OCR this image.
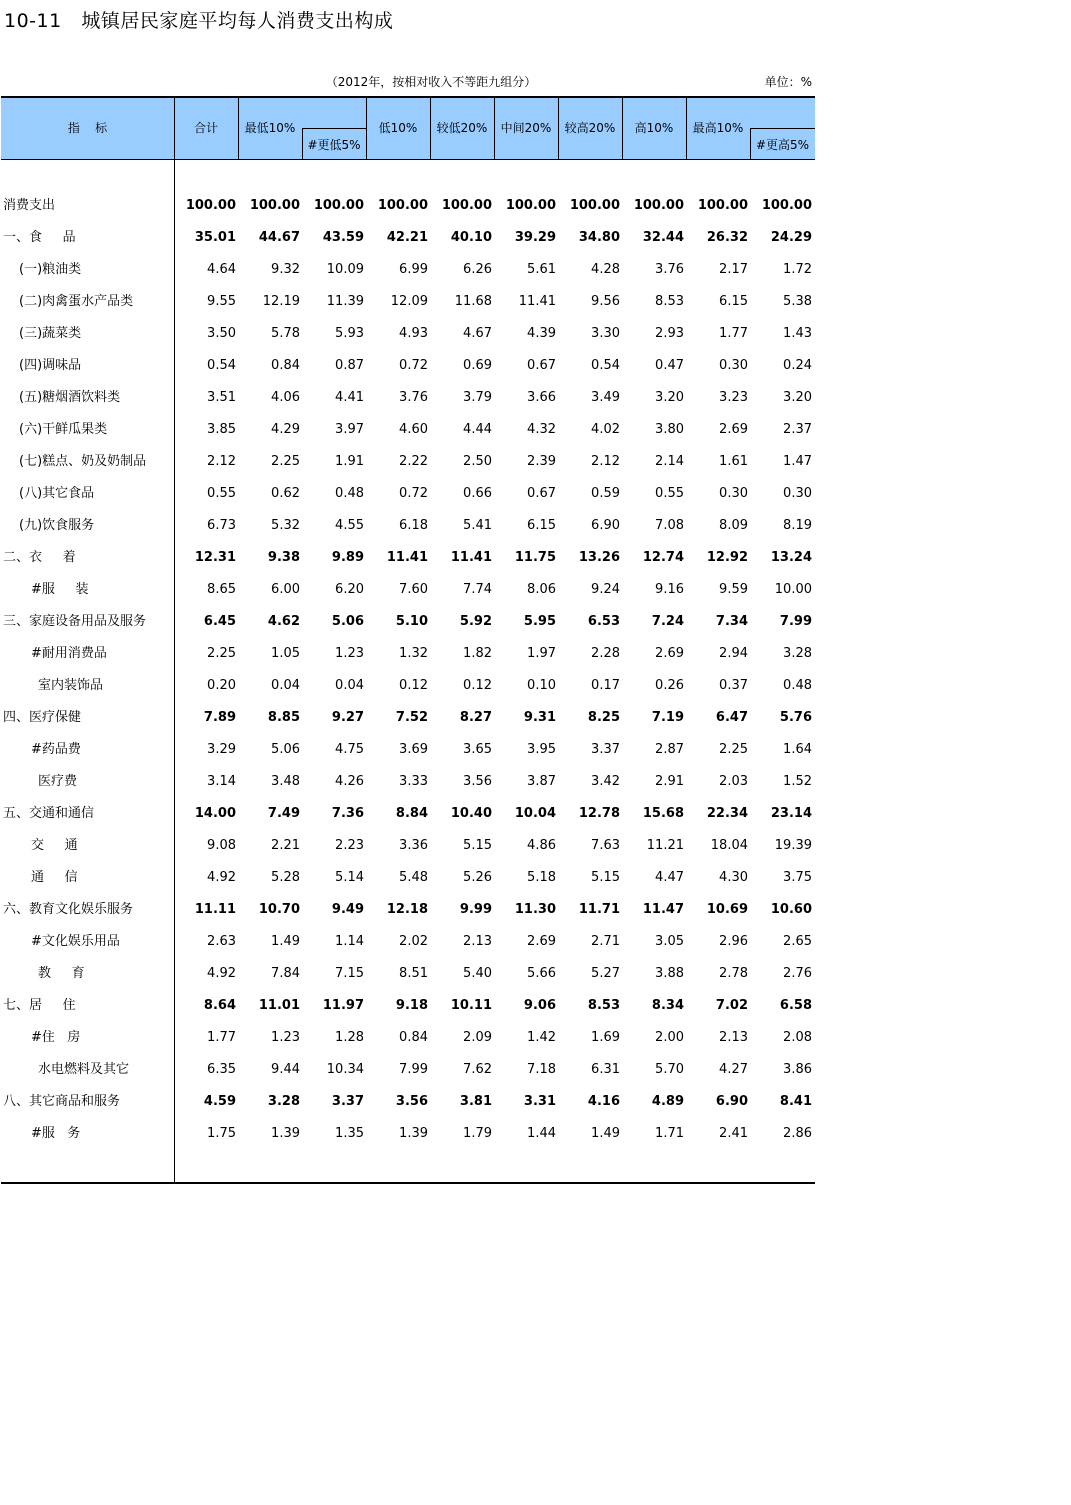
10-11   城镇居民家庭平均每人消费支出构成
（2012年，按相对收入不等距九组分）	单位：%
指    标	合计	最低10%
#更低5%
低10%	较低20%	中间20%	较高20%	高10%	最高10%
#更高5%
消费支出	100.00	100.00	100.00	100.00	100.00	100.00	100.00	100.00	100.00	100.00
一、食     品	35.01	44.67	43.59	42.21	40.10	39.29	34.80	32.44	26.32	24.29
(一)粮油类	4.64	9.32	10.09	6.99	6.26	5.61	4.28	3.76	2.17	1.72
(二)肉禽蛋水产品类	9.55	12.19	11.39	12.09	11.68	11.41	9.56	8.53	6.15	5.38
(三)蔬菜类	3.50	5.78	5.93	4.93	4.67	4.39	3.30	2.93	1.77	1.43
(四)调味品	0.54	0.84	0.87	0.72	0.69	0.67	0.54	0.47	0.30	0.24
(五)糖烟酒饮料类	3.51	4.06	4.41	3.76	3.79	3.66	3.49	3.20	3.23	3.20
(六)干鲜瓜果类	3.85	4.29	3.97	4.60	4.44	4.32	4.02	3.80	2.69	2.37
(七)糕点、奶及奶制品	2.12	2.25	1.91	2.22	2.50	2.39	2.12	2.14	1.61	1.47
(八)其它食品	0.55	0.62	0.48	0.72	0.66	0.67	0.59	0.55	0.30	0.30
(九)饮食服务	6.73	5.32	4.55	6.18	5.41	6.15	6.90	7.08	8.09	8.19
二、衣     着	12.31	9.38	9.89	11.41	11.41	11.75	13.26	12.74	12.92	13.24
#服     装	8.65	6.00	6.20	7.60	7.74	8.06	9.24	9.16	9.59	10.00
三、家庭设备用品及服务	6.45	4.62	5.06	5.10	5.92	5.95	6.53	7.24	7.34	7.99
#耐用消费品	2.25	1.05	1.23	1.32	1.82	1.97	2.28	2.69	2.94	3.28
室内装饰品	0.20	0.04	0.04	0.12	0.12	0.10	0.17	0.26	0.37	0.48
四、医疗保健	7.89	8.85	9.27	7.52	8.27	9.31	8.25	7.19	6.47	5.76
#药品费	3.29	5.06	4.75	3.69	3.65	3.95	3.37	2.87	2.25	1.64
医疗费	3.14	3.48	4.26	3.33	3.56	3.87	3.42	2.91	2.03	1.52
五、交通和通信	14.00	7.49	7.36	8.84	10.40	10.04	12.78	15.68	22.34	23.14
交     通	9.08	2.21	2.23	3.36	5.15	4.86	7.63	11.21	18.04	19.39
通     信	4.92	5.28	5.14	5.48	5.26	5.18	5.15	4.47	4.30	3.75
六、教育文化娱乐服务	11.11	10.70	9.49	12.18	9.99	11.30	11.71	11.47	10.69	10.60
#文化娱乐用品	2.63	1.49	1.14	2.02	2.13	2.69	2.71	3.05	2.96	2.65
教     育	4.92	7.84	7.15	8.51	5.40	5.66	5.27	3.88	2.78	2.76
七、居     住	8.64	11.01	11.97	9.18	10.11	9.06	8.53	8.34	7.02	6.58
#住   房	1.77	1.23	1.28	0.84	2.09	1.42	1.69	2.00	2.13	2.08
水电燃料及其它	6.35	9.44	10.34	7.99	7.62	7.18	6.31	5.70	4.27	3.86
八、其它商品和服务	4.59	3.28	3.37	3.56	3.81	3.31	4.16	4.89	6.90	8.41
#服   务	1.75	1.39	1.35	1.39	1.79	1.44	1.49	1.71	2.41	2.86
